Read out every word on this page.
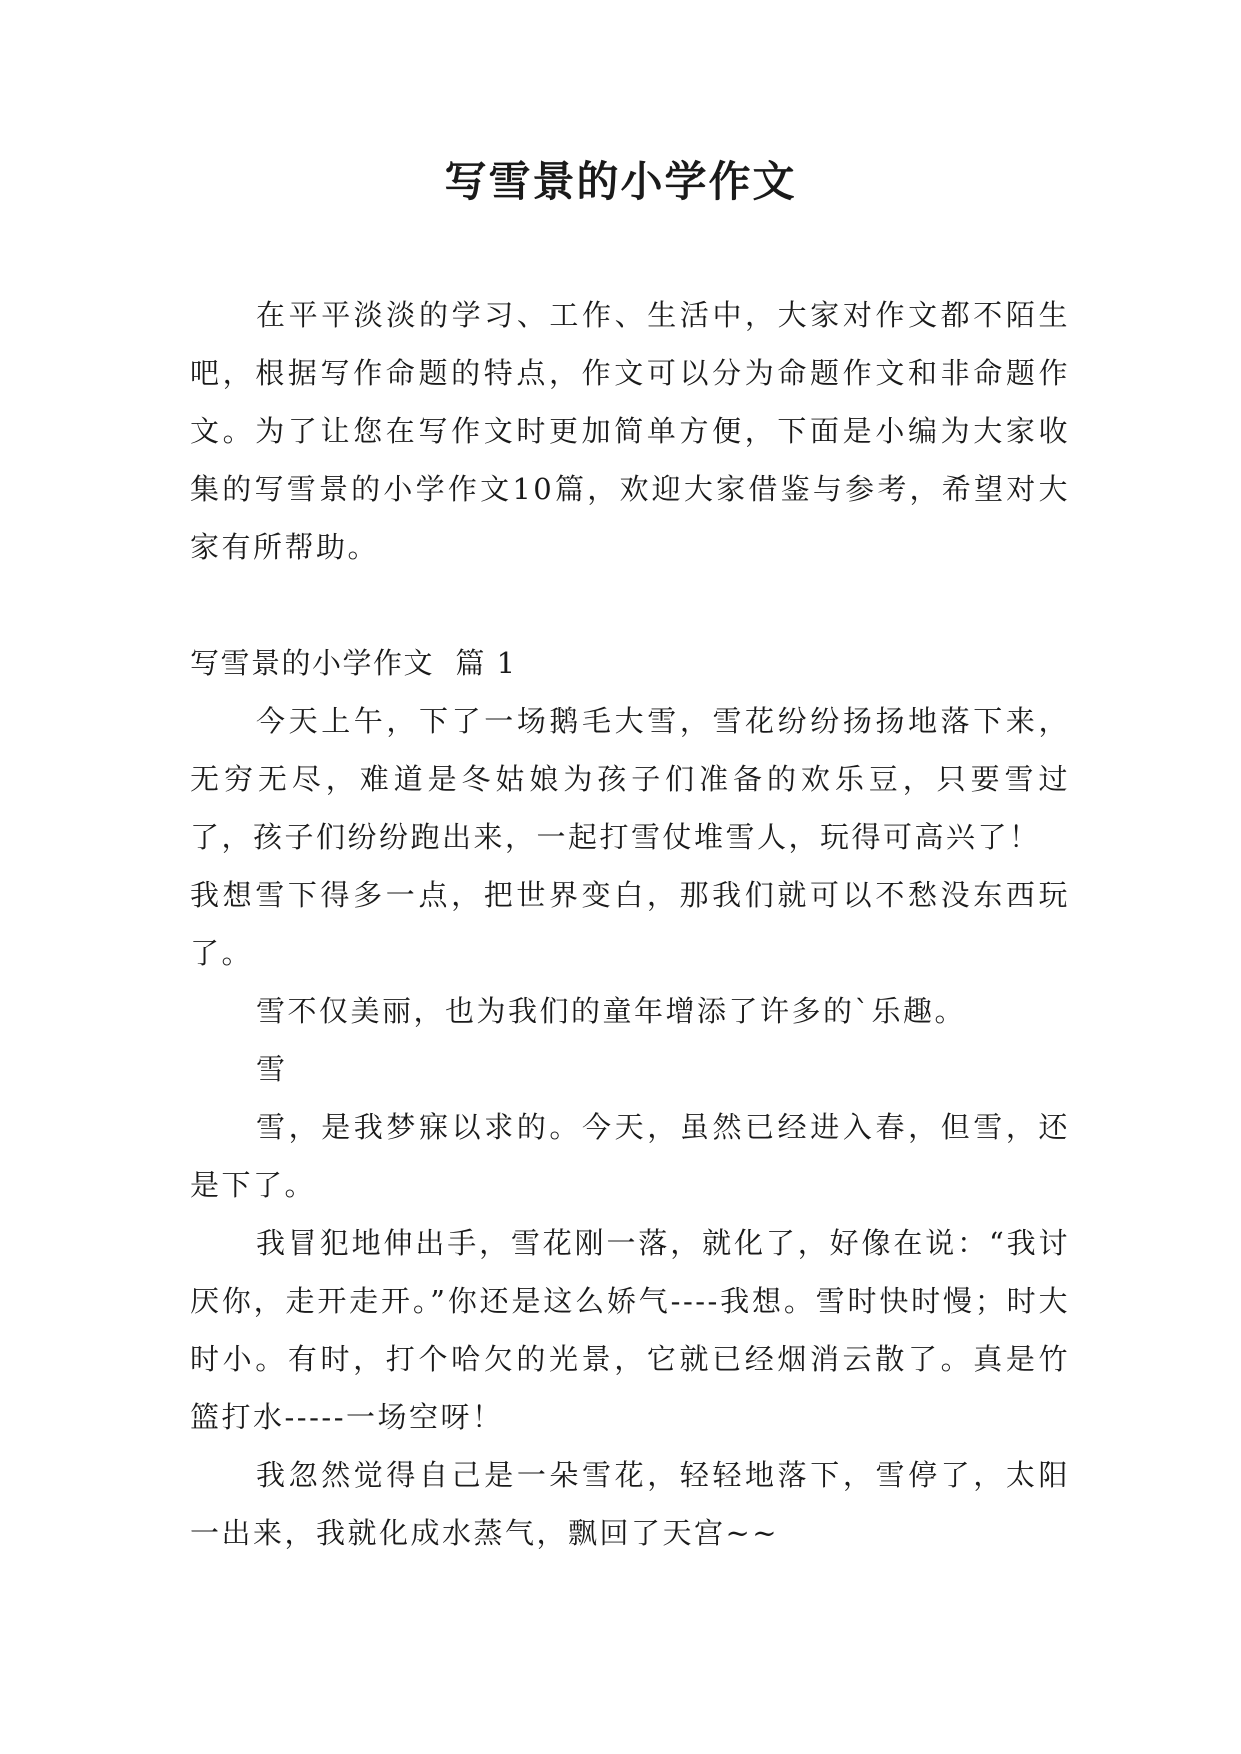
写雪景的小学作文

在平平淡淡的学习、工作、生活中，大家对作文都不陌生吧，根据写作命题的特点，作文可以分为命题作文和非命题作文。为了让您在写作文时更加简单方便，下面是小编为大家收集的写雪景的小学作文10篇，欢迎大家借鉴与参考，希望对大家有所帮助。

写雪景的小学作文  篇 1

今天上午，下了一场鹅毛大雪，雪花纷纷扬扬地落下来，无穷无尽，难道是冬姑娘为孩子们准备的欢乐豆，只要雪过了，孩子们纷纷跑出来，一起打雪仗堆雪人，玩得可高兴了！

我想雪下得多一点，把世界变白，那我们就可以不愁没东西玩了。

雪不仅美丽，也为我们的童年增添了许多的`乐趣。

雪

雪，是我梦寐以求的。今天，虽然已经进入春，但雪，还是下了。

我冒犯地伸出手，雪花刚一落，就化了，好像在说：“我讨厌你，走开走开。”你还是这么娇气----我想。雪时快时慢；时大时小。有时，打个哈欠的光景，它就已经烟消云散了。真是竹篮打水-----一场空呀！

我忽然觉得自己是一朵雪花，轻轻地落下，雪停了，太阳一出来，我就化成水蒸气，飘回了天宫~~
